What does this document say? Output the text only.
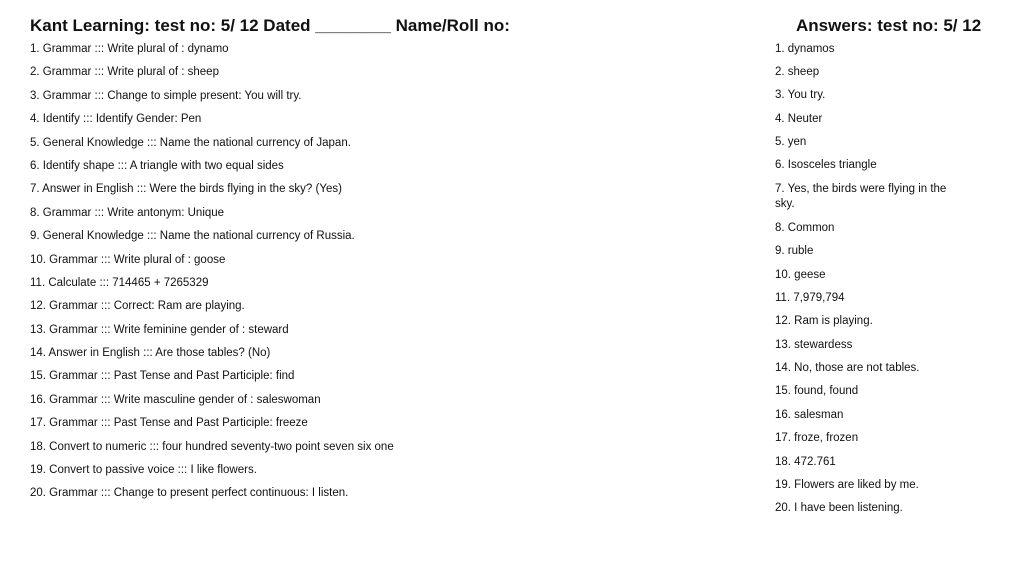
Kant Learning: test no: 5/ 12 Dated ________ Name/Roll no:	Answers: test no: 5/ 12
1. Grammar ::: Write plural of : dynamo
2. Grammar ::: Write plural of : sheep
3. Grammar ::: Change to simple present: You will try.
4. Identify ::: Identify Gender: Pen
5. General Knowledge ::: Name the national currency of Japan.
6. Identify shape ::: A triangle with two equal sides
7. Answer in English ::: Were the birds flying in the sky? (Yes)
8. Grammar ::: Write antonym: Unique
9. General Knowledge ::: Name the national currency of Russia.
10. Grammar ::: Write plural of : goose
11. Calculate ::: 714465 + 7265329
12. Grammar ::: Correct: Ram are playing.
13. Grammar ::: Write feminine gender of : steward
14. Answer in English ::: Are those tables? (No)
15. Grammar ::: Past Tense and Past Participle: find
16. Grammar ::: Write masculine gender of : saleswoman
17. Grammar ::: Past Tense and Past Participle: freeze
18. Convert to numeric ::: four hundred seventy-two point seven six one
19. Convert to passive voice ::: I like flowers.
20. Grammar ::: Change to present perfect continuous: I listen.
1. dynamos
2. sheep
3. You try.
4. Neuter
5. yen
6. Isosceles triangle
7. Yes, the birds were flying in the sky.
8. Common
9. ruble
10. geese
11. 7,979,794
12. Ram is playing.
13. stewardess
14. No, those are not tables.
15. found, found
16. salesman
17. froze, frozen
18. 472.761
19. Flowers are liked by me.
20. I have been listening.
